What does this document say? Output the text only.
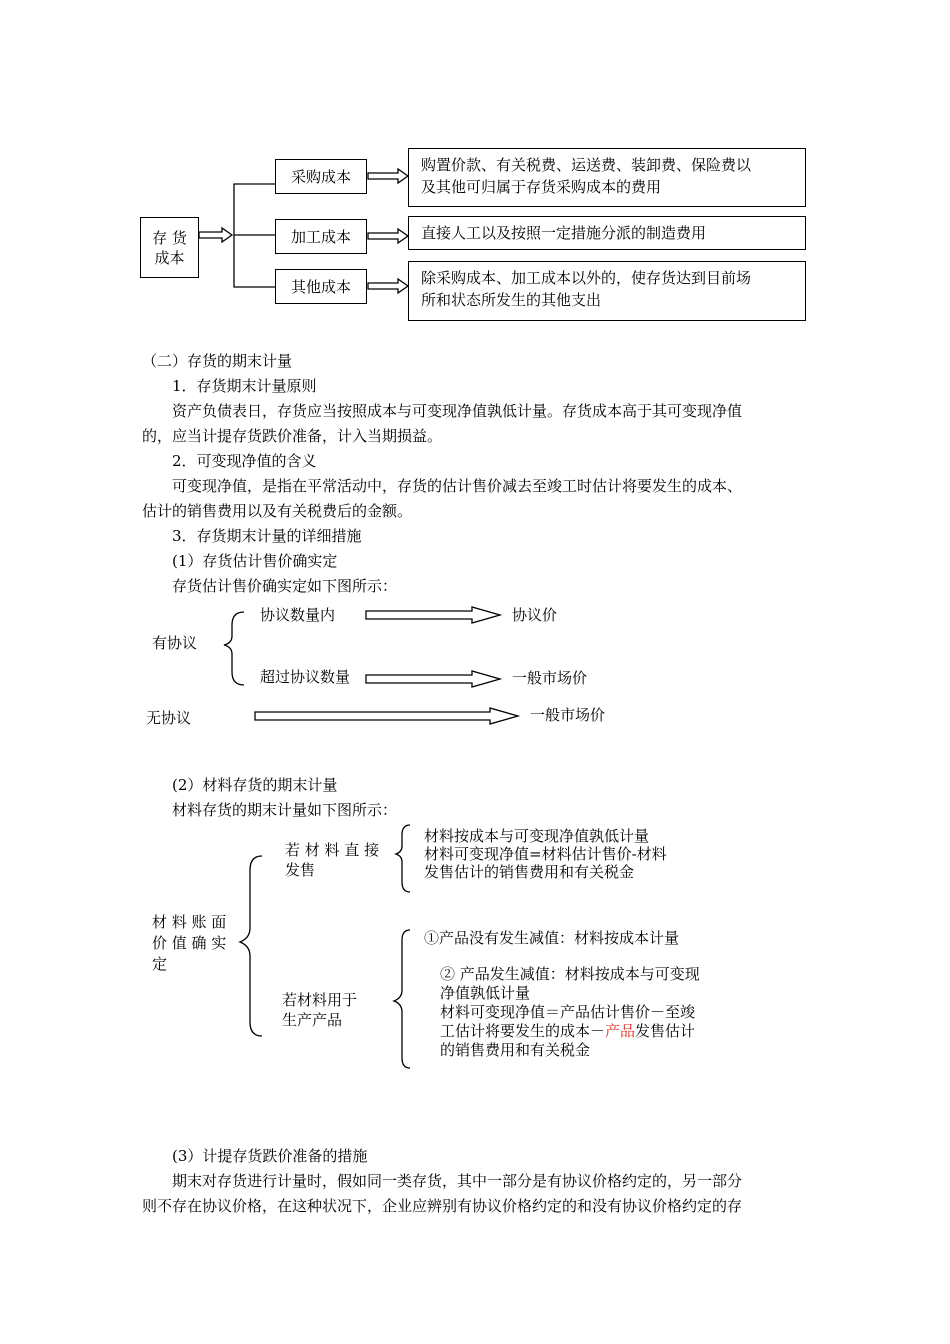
存 货
成本
采购成本
加工成本
其他成本
购置价款、有关税费、运送费、装卸费、保险费以
及其他可归属于存货采购成本的费用
直接人工以及按照一定措施分派的制造费用
除采购成本、加工成本以外的，使存货达到目前场
所和状态所发生的其他支出
（二）存货的期末计量
1．存货期末计量原则
资产负债表日，存货应当按照成本与可变现净值孰低计量。存货成本高于其可变现净值
的，应当计提存货跌价准备，计入当期损益。
2．可变现净值的含义
可变现净值，是指在平常活动中，存货的估计售价减去至竣工时估计将要发生的成本、
估计的销售费用以及有关税费后的金额。
3．存货期末计量的详细措施
(1）存货估计售价确实定
存货估计售价确实定如下图所示：
有协议
协议数量内	协议价
超过协议数量	一般市场价
无协议	一般市场价
(2）材料存货的期末计量
材料存货的期末计量如下图所示：
材 料 账 面
价 值 确 实
定
若 材 料 直 接
发售
材料按成本与可变现净值孰低计量
材料可变现净值=材料估计售价-材料
发售估计的销售费用和有关税金
若材料用于
生产产品
①产品没有发生减值：材料按成本计量
② 产品发生减值：材料按成本与可变现
净值孰低计量
材料可变现净值＝产品估计售价－至竣
工估计将要发生的成本－产品发售估计
的销售费用和有关税金
(3）计提存货跌价准备的措施
期末对存货进行计量时，假如同一类存货，其中一部分是有协议价格约定的，另一部分
则不存在协议价格，在这种状况下，企业应辨别有协议价格约定的和没有协议价格约定的存
